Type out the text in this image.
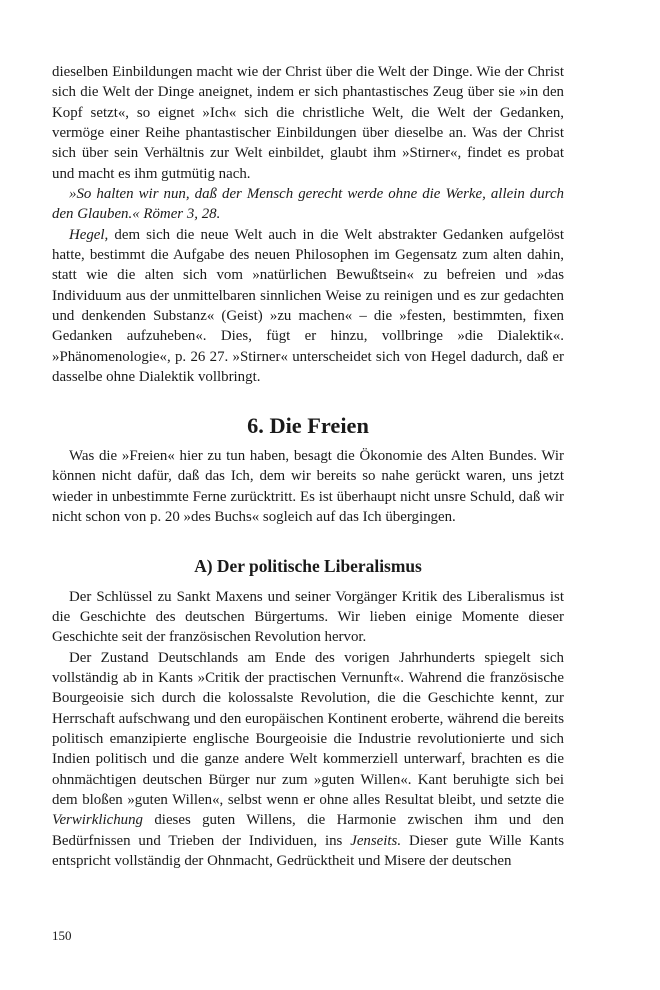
dieselben Einbildungen macht wie der Christ über die Welt der Dinge. Wie der Christ sich die Welt der Dinge aneignet, indem er sich phantastisches Zeug über sie »in den Kopf setzt«, so eignet »Ich« sich die christliche Welt, die Welt der Gedanken, vermöge einer Reihe phantastischer Einbildungen über dieselbe an. Was der Christ sich über sein Verhältnis zur Welt einbildet, glaubt ihm »Stirner«, findet es probat und macht es ihm gutmütig nach.

»So halten wir nun, daß der Mensch gerecht werde ohne die Werke, allein durch den Glauben.« Römer 3, 28.

Hegel, dem sich die neue Welt auch in die Welt abstrakter Gedanken aufgelöst hatte, bestimmt die Aufgabe des neuen Philosophen im Gegensatz zum alten dahin, statt wie die alten sich vom »natürlichen Bewußtsein« zu befreien und »das Individuum aus der unmittelbaren sinnlichen Weise zu reinigen und es zur gedachten und denkenden Substanz« (Geist) »zu machen« – die »festen, bestimmten, fixen Gedanken aufzuheben«. Dies, fügt er hinzu, vollbringe »die Dialektik«. »Phänomenologie«, p. 26 27. »Stirner« unterscheidet sich von Hegel dadurch, daß er dasselbe ohne Dialektik vollbringt.

6. Die Freien

Was die »Freien« hier zu tun haben, besagt die Ökonomie des Alten Bundes. Wir können nicht dafür, daß das Ich, dem wir bereits so nahe gerückt waren, uns jetzt wieder in unbestimmte Ferne zurücktritt. Es ist überhaupt nicht unsre Schuld, daß wir nicht schon von p. 20 »des Buchs« sogleich auf das Ich übergingen.

A) Der politische Liberalismus

Der Schlüssel zu Sankt Maxens und seiner Vorgänger Kritik des Liberalismus ist die Geschichte des deutschen Bürgertums. Wir lieben einige Momente dieser Geschichte seit der französischen Revolution hervor.

Der Zustand Deutschlands am Ende des vorigen Jahrhunderts spiegelt sich vollständig ab in Kants »Critik der practischen Vernunft«. Wahrend die französische Bourgeoisie sich durch die kolossalste Revolution, die die Geschichte kennt, zur Herrschaft aufschwang und den europäischen Kontinent eroberte, während die bereits politisch emanzipierte englische Bourgeoisie die Industrie revolutionierte und sich Indien politisch und die ganze andere Welt kommerziell unterwarf, brachten es die ohnmächtigen deutschen Bürger nur zum »guten Willen«. Kant beruhigte sich bei dem bloßen »guten Willen«, selbst wenn er ohne alles Resultat bleibt, und setzte die Verwirklichung dieses guten Willens, die Harmonie zwischen ihm und den Bedürfnissen und Trieben der Individuen, ins Jenseits. Dieser gute Wille Kants entspricht vollständig der Ohnmacht, Gedrücktheit und Misere der deutschen

150
